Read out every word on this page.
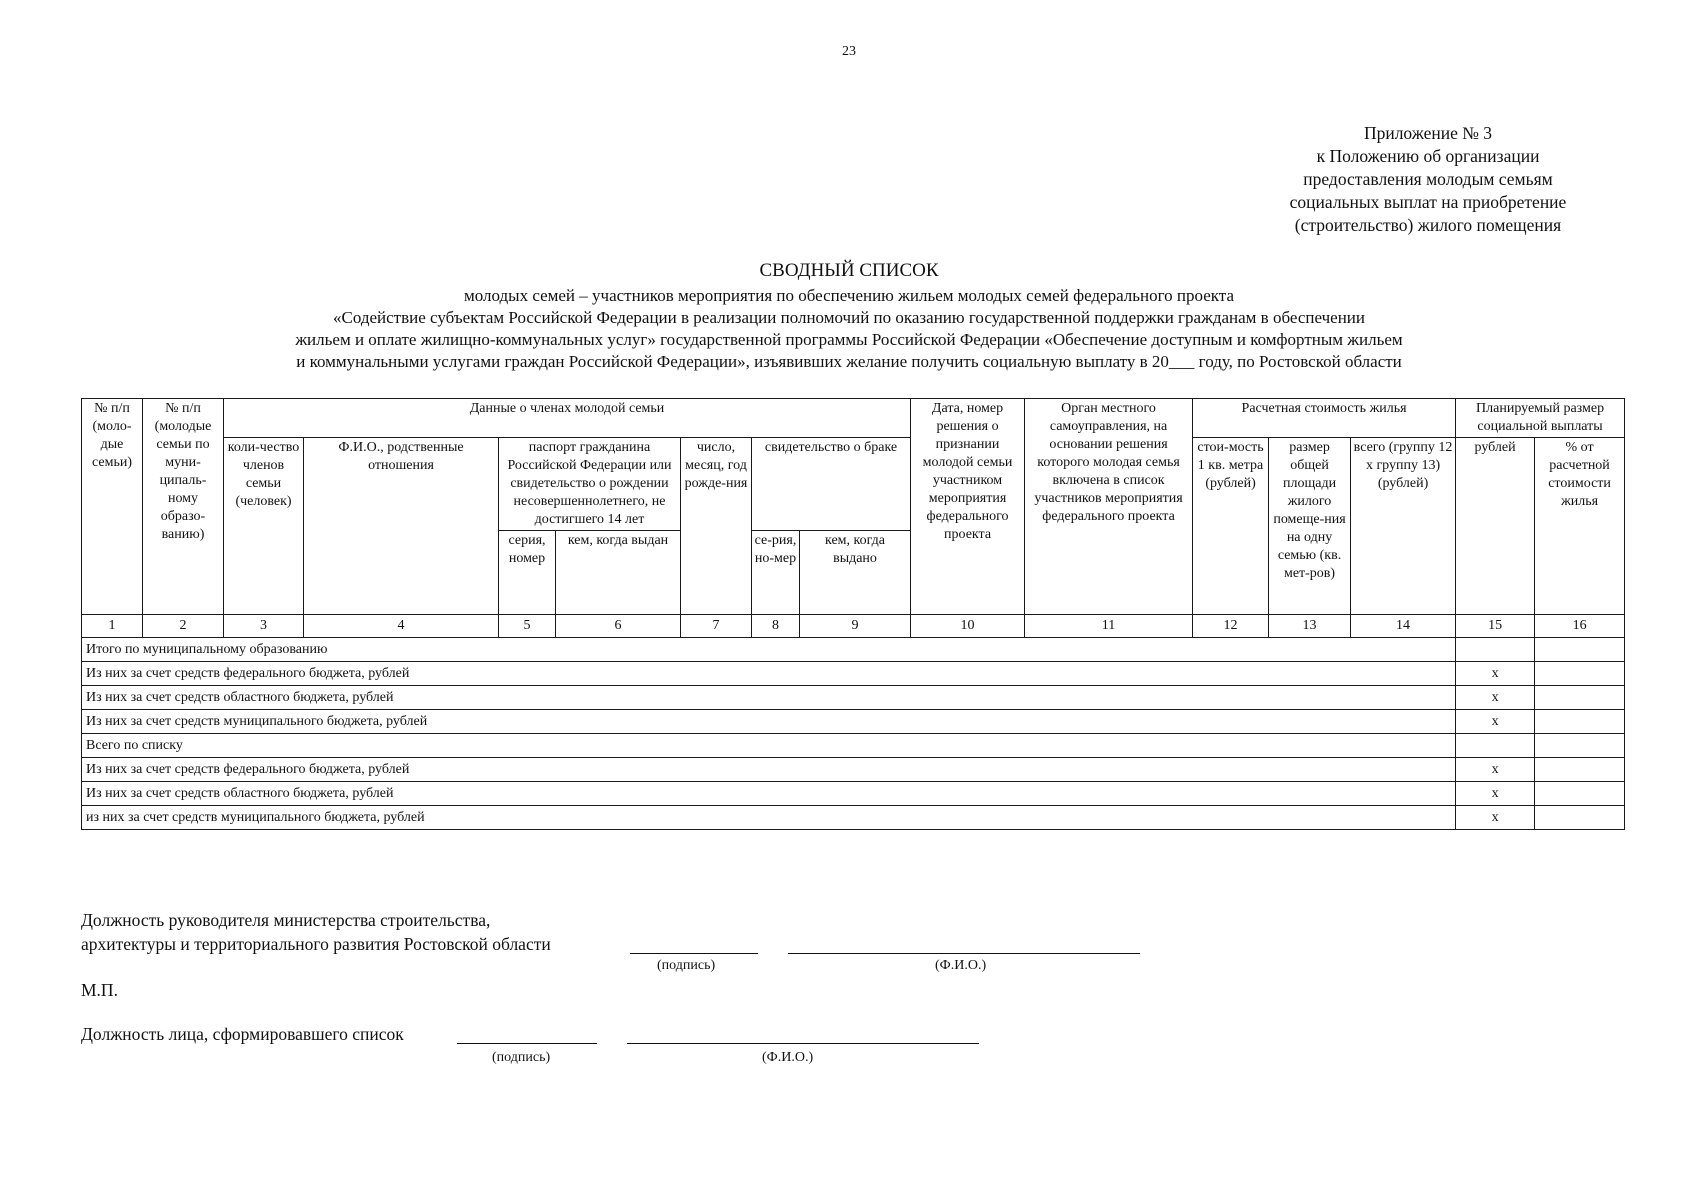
23
Приложение № 3
к Положению об организации
предоставления молодым семьям
социальных выплат на приобретение
(строительство) жилого помещения
СВОДНЫЙ СПИСОК
молодых семей – участников мероприятия по обеспечению жильем молодых семей федерального проекта
«Содействие субъектам Российской Федерации в реализации полномочий по оказанию государственной поддержки гражданам в обеспечении
жильем и оплате жилищно-коммунальных услуг» государственной программы Российской Федерации «Обеспечение доступным и комфортным жильем
и коммунальными услугами граждан Российской Федерации», изъявивших желание получить социальную выплату в 20___ году, по Ростовской области
№ п/п (моло-дые семьи)	№ п/п (молодые семьи по муни-ципаль-ному образо-ванию)	Данные о членах молодой семьи							Дата, номер решения о признании молодой семьи участником мероприятия федерального проекта	Орган местного самоуправления, на основании решения которого молодая семья включена в список участников мероприятия федерального проекта	Расчетная стоимость жилья			Планируемый размер социальной выплаты	
		коли-чество членов семьи (человек)	Ф.И.О., родственные отношения	паспорт гражданина Российской Федерации или свидетельство о рождении несовершеннолетнего, не достигшего 14 лет		число, месяц, год рожде-ния	свидетельство о браке				стои-мость 1 кв. метра (рублей)	размер общей площади жилого помеще-ния на одну семью (кв. мет-ров)	всего (группу 12 x группу 13) (рублей)	рублей	% от расчетной стоимости жилья
				серия, номер	кем, когда выдан		се-рия, но-мер	кем, когда выдано							
1	2	3	4	5	6	7	8	9	10	11	12	13	14	15	16
Итого по муниципальному образованию															
Из них за счет средств федерального бюджета, рублей														x	
Из них за счет средств областного бюджета, рублей														x	
Из них за счет средств муниципального бюджета, рублей														x	
Всего по списку															
Из них за счет средств федерального бюджета, рублей														x	
Из них за счет средств областного бюджета, рублей														x	
из них за счет средств муниципального бюджета, рублей														x	
Должность руководителя министерства строительства,
архитектуры и территориального развития Ростовской области
(подпись)	(Ф.И.О.)
М.П.
Должность лица, сформировавшего список
(подпись)	(Ф.И.О.)
